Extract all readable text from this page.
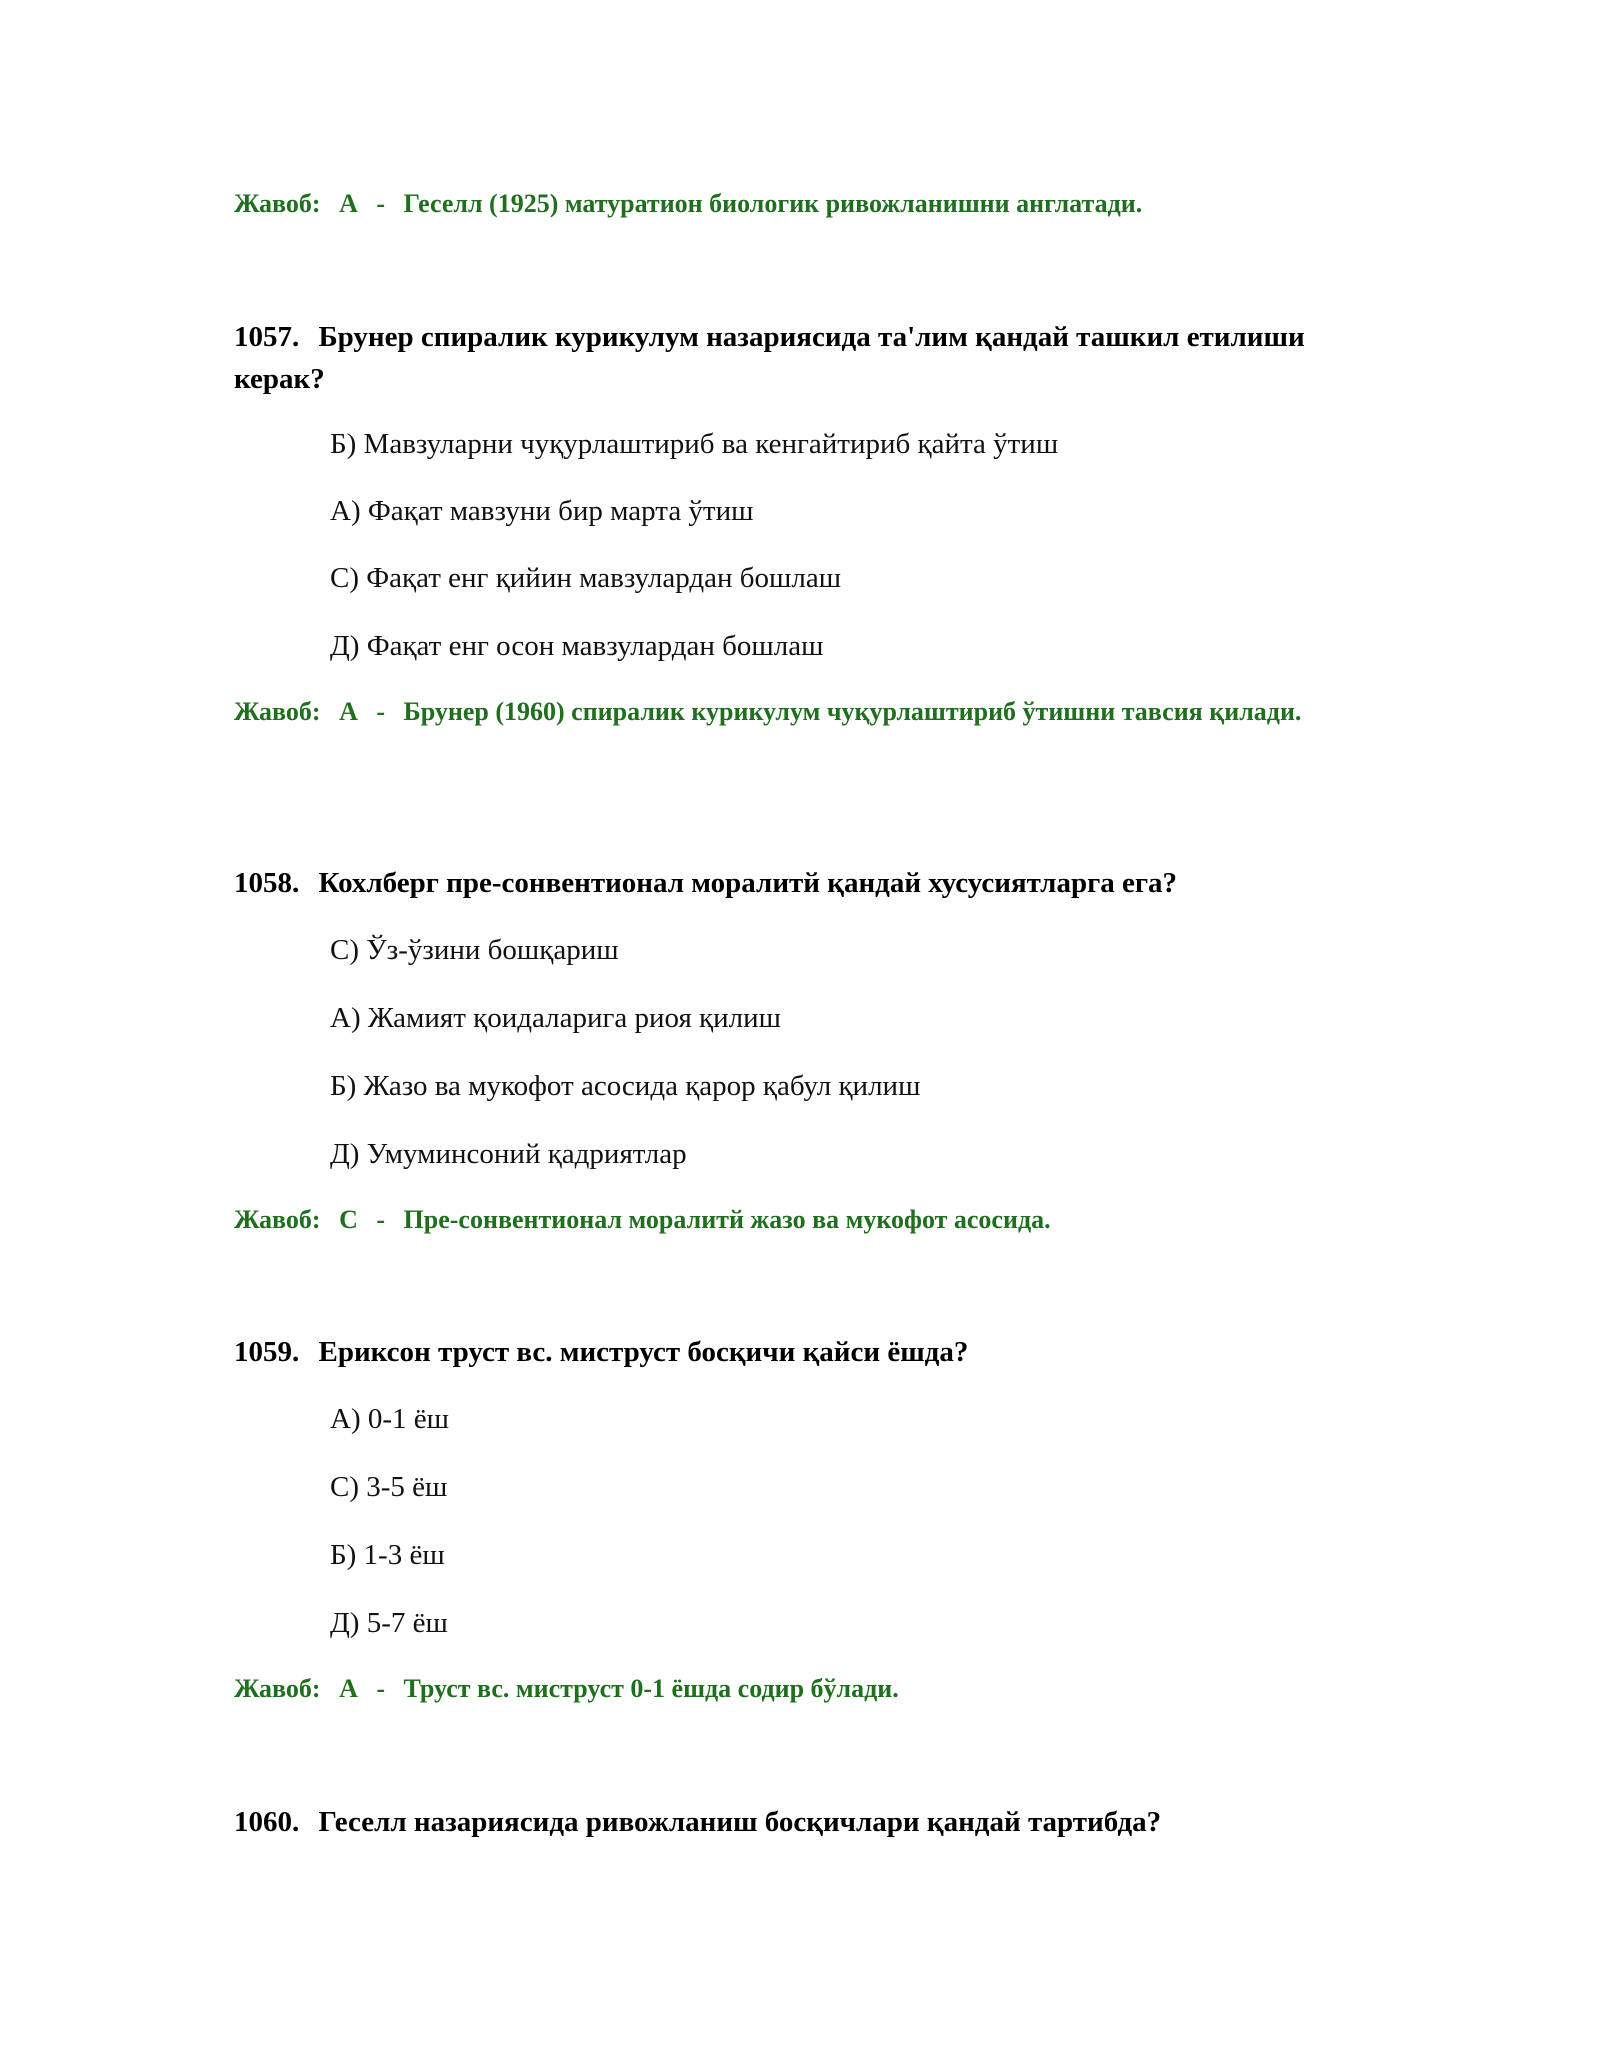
Жавоб: А - Геселл (1925) матуратион биологик ривожланишни англатади.
1057. Брунер спиралик курикулум назариясида та'лим қандай ташкил етилиши керак?
Б) Мавзуларни чуқурлаштириб ва кенгайтириб қайта ўтиш
А) Фақат мавзуни бир марта ўтиш
С) Фақат енг қийин мавзулардан бошлаш
Д) Фақат енг осон мавзулардан бошлаш
Жавоб: А - Брунер (1960) спиралик курикулум чуқурлаштириб ўтишни тавсия қилади.
1058. Кохлберг пре-сонвентионал моралитй қандай хусусиятларга ега?
С) Ўз-ўзини бошқариш
А) Жамият қоидаларига риоя қилиш
Б) Жазо ва мукофот асосида қарор қабул қилиш
Д) Умуминсоний қадриятлар
Жавоб: С - Пре-сонвентионал моралитй жазо ва мукофот асосида.
1059. Ериксон труст вс. миструст босқичи қайси ёшда?
А) 0-1 ёш
С) 3-5 ёш
Б) 1-3 ёш
Д) 5-7 ёш
Жавоб: А - Труст вс. миструст 0-1 ёшда содир бўлади.
1060. Геселл назариясида ривожланиш босқичлари қандай тартибда?
